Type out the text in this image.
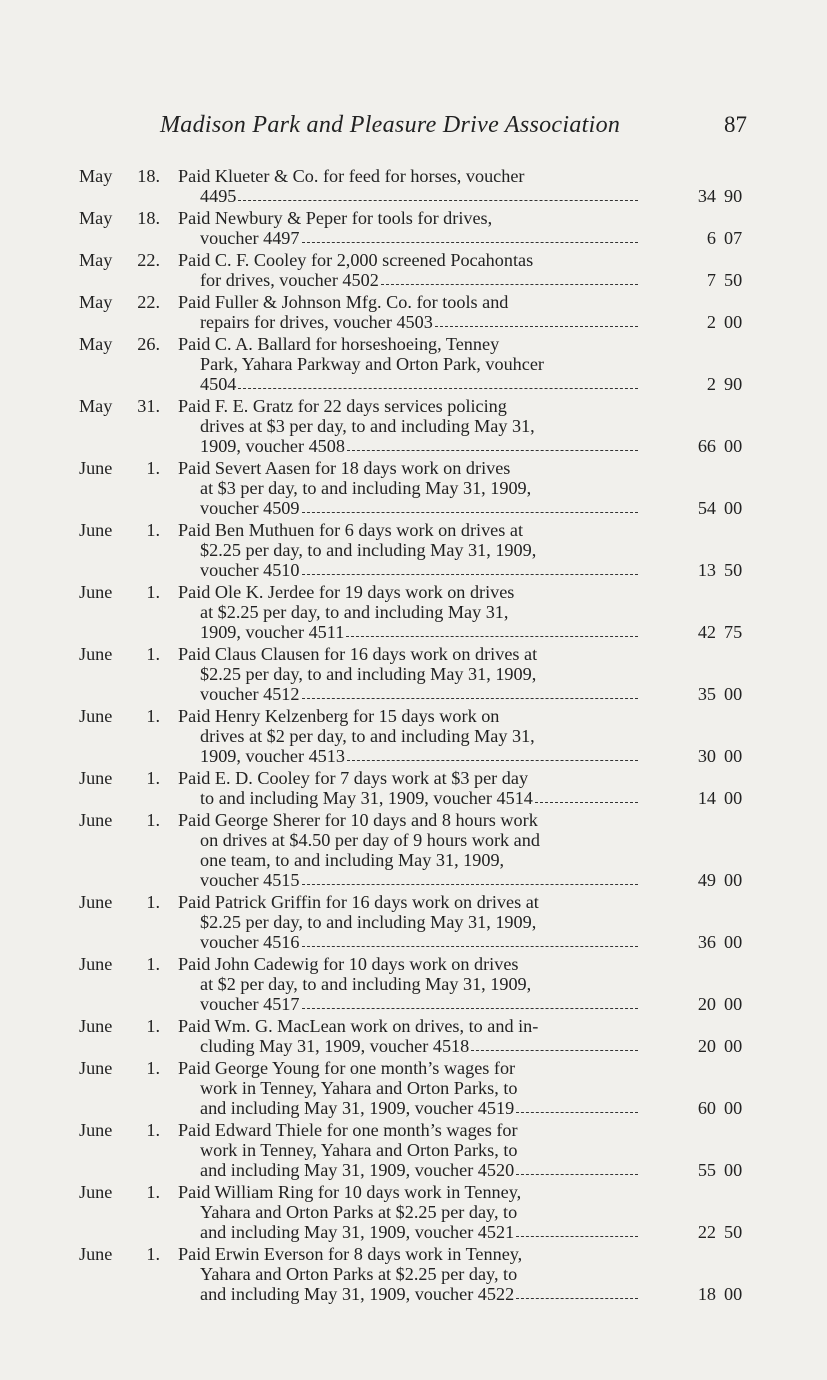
Madison Park and Pleasure Drive Association	87
May	18. Paid Klueter & Co. for feed for horses, voucher
4495	34 90
May	18. Paid Newbury & Peper for tools for drives,
voucher 4497	6 07
May	22. Paid C. F. Cooley for 2,000 screened Pocahontas
for drives, voucher 4502	7 50
May	22. Paid Fuller & Johnson Mfg. Co. for tools and
repairs for drives, voucher 4503	2 00
May	26. Paid C. A. Ballard for horseshoeing, Tenney
Park, Yahara Parkway and Orton Park, vouhcer
4504	2 90
May	31. Paid F. E. Gratz for 22 days services policing
drives at $3 per day, to and including May 31,
1909, voucher 4508	66 00
June	1. Paid Severt Aasen for 18 days work on drives
at $3 per day, to and including May 31, 1909,
voucher 4509	54 00
June	1. Paid Ben Muthuen for 6 days work on drives at
$2.25 per day, to and including May 31, 1909,
voucher 4510	13 50
June	1. Paid Ole K. Jerdee for 19 days work on drives
at $2.25 per day, to and including May 31,
1909, voucher 4511	42 75
June	1. Paid Claus Clausen for 16 days work on drives at
$2.25 per day, to and including May 31, 1909,
voucher 4512	35 00
June	1. Paid Henry Kelzenberg for 15 days work on
drives at $2 per day, to and including May 31,
1909, voucher 4513	30 00
June	1. Paid E. D. Cooley for 7 days work at $3 per day
to and including May 31, 1909, voucher 4514	14 00
June	1. Paid George Sherer for 10 days and 8 hours work
on drives at $4.50 per day of 9 hours work and
one team, to and including May 31, 1909,
voucher 4515	49 00
June	1. Paid Patrick Griffin for 16 days work on drives at
$2.25 per day, to and including May 31, 1909,
voucher 4516	36 00
June	1. Paid John Cadewig for 10 days work on drives
at $2 per day, to and including May 31, 1909,
voucher 4517	20 00
June	1. Paid Wm. G. MacLean work on drives, to and in-
cluding May 31, 1909, voucher 4518	20 00
June	1. Paid George Young for one month’s wages for
work in Tenney, Yahara and Orton Parks, to
and including May 31, 1909, voucher 4519	60 00
June	1. Paid Edward Thiele for one month’s wages for
work in Tenney, Yahara and Orton Parks, to
and including May 31, 1909, voucher 4520	55 00
June	1. Paid William Ring for 10 days work in Tenney,
Yahara and Orton Parks at $2.25 per day, to
and including May 31, 1909, voucher 4521	22 50
June	1. Paid Erwin Everson for 8 days work in Tenney,
Yahara and Orton Parks at $2.25 per day, to
and including May 31, 1909, voucher 4522	18 00
